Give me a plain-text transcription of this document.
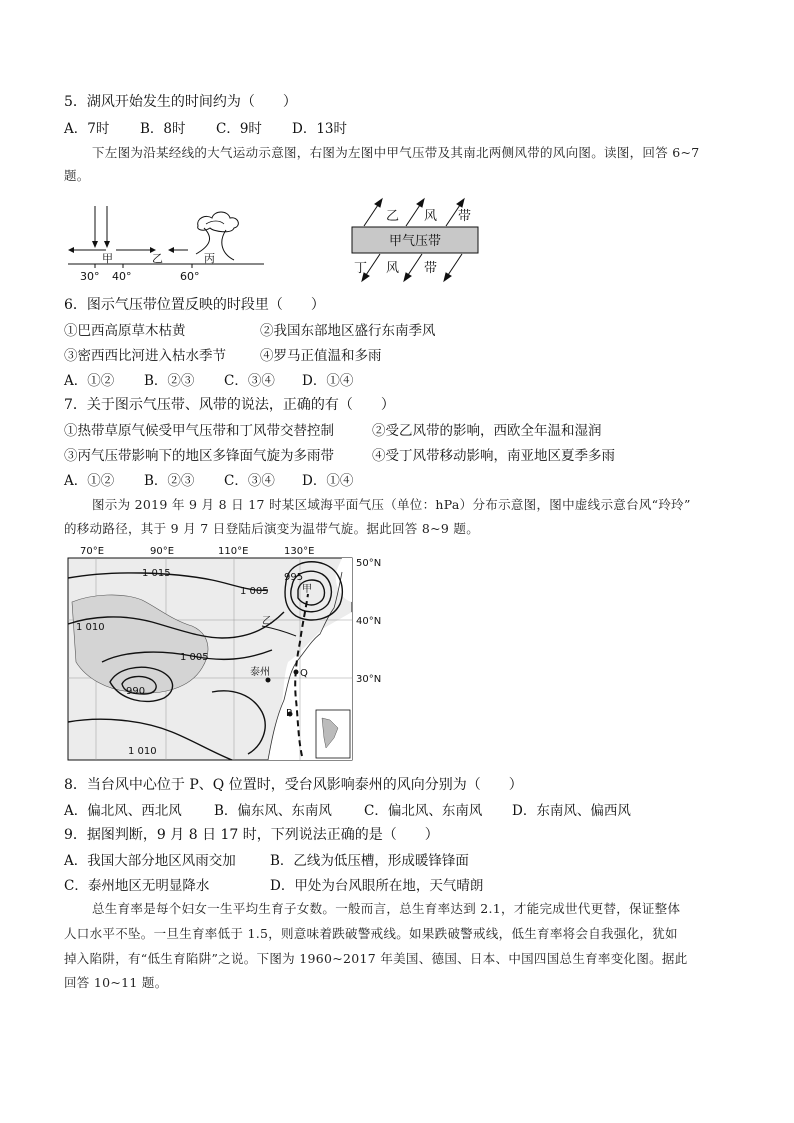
5．湖风开始发生的时间约为（　　）
A．7时 B．8时 C．9时 D．13时
下左图为沿某经线的大气运动示意图，右图为左图中甲气压带及其南北两侧风带的风向图。读图，回答 6~7
题。
甲	乙	丙
30° 40°	60°
甲气压带
乙 风 带
丁 风 带
6．图示气压带位置反映的时段里（　　）
①巴西高原草木枯黄	②我国东部地区盛行东南季风
③密西西比河进入枯水季节	④罗马正值温和多雨
A．①② B．②③ C．③④ D．①④
7．关于图示气压带、风带的说法，正确的有（　　）
①热带草原气候受甲气压带和丁风带交替控制	②受乙风带的影响，西欧全年温和湿润
③丙气压带影响下的地区多锋面气旋为多雨带	④受丁风带移动影响，南亚地区夏季多雨
A．①② B．②③ C．③④ D．①④
图示为 2019 年 9 月 8 日 17 时某区域海平面气压（单位：hPa）分布示意图，图中虚线示意台风“玲玲”
的移动路径，其于 9 月 7 日登陆后演变为温带气旋。据此回答 8~9 题。
70°E	90°E	110°E	130°E
50°N
40°N
30°N
1 015
1 010
1 005
1 005
995
990
1 010
泰州
P
Q
甲
乙
8．当台风中心位于 P、Q 位置时，受台风影响泰州的风向分别为（　　）
A．偏北风、西北风 B．偏东风、东南风 C．偏北风、东南风 D．东南风、偏西风
9．据图判断，9 月 8 日 17 时，下列说法正确的是（　　）
A．我国大部分地区风雨交加	B．乙线为低压槽，形成暖锋锋面
C．泰州地区无明显降水	D．甲处为台风眼所在地，天气晴朗
总生育率是每个妇女一生平均生育子女数。一般而言，总生育率达到 2.1，才能完成世代更替，保证整体
人口水平不坠。一旦生育率低于 1.5，则意味着跌破警戒线。如果跌破警戒线，低生育率将会自我强化，犹如
掉入陷阱，有“低生育陷阱”之说。下图为 1960~2017 年美国、德国、日本、中国四国总生育率变化图。据此
回答 10~11 题。
